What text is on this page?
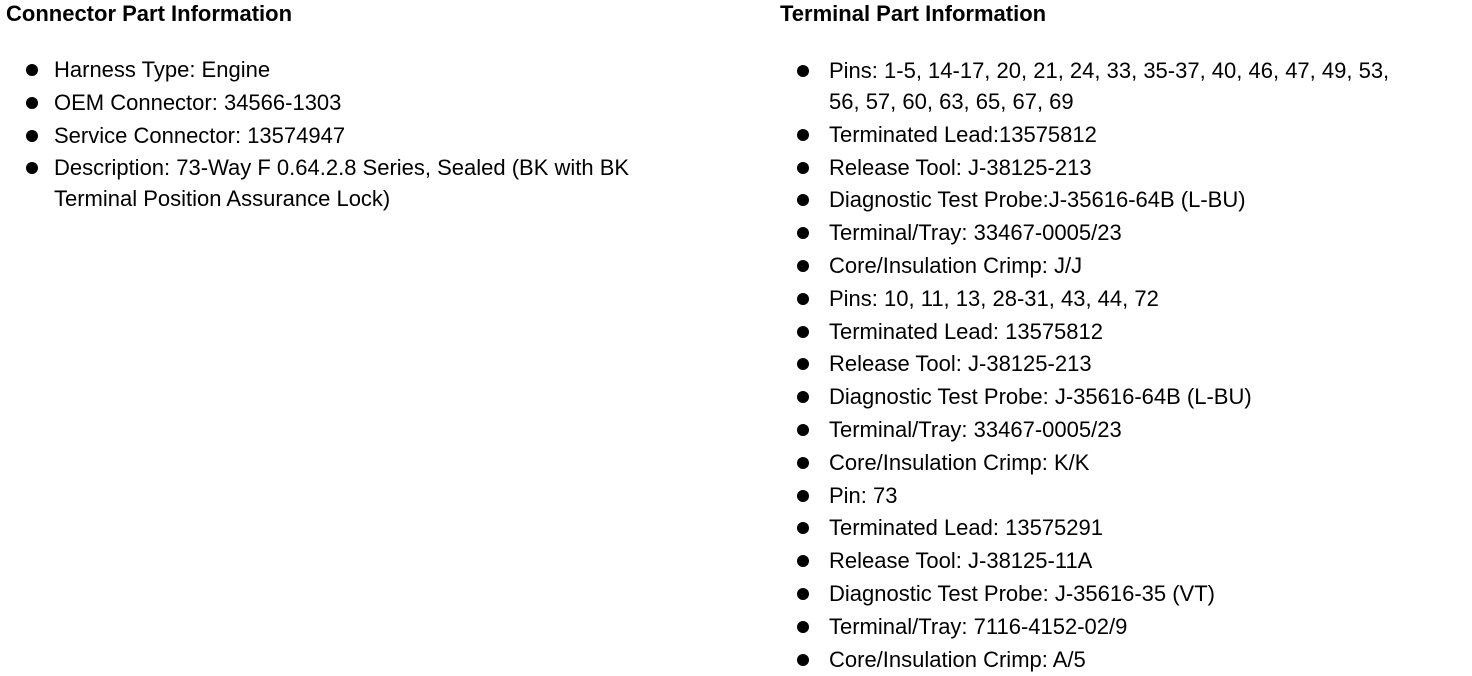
Connector Part Information
Harness Type: Engine
OEM Connector: 34566-1303
Service Connector: 13574947
Description: 73-Way F 0.64.2.8 Series, Sealed (BK with BK
Terminal Position Assurance Lock)
Terminal Part Information
Pins: 1-5, 14-17, 20, 21, 24, 33, 35-37, 40, 46, 47, 49, 53,
56, 57, 60, 63, 65, 67, 69
Terminated Lead:13575812
Release Tool: J-38125-213
Diagnostic Test Probe:J-35616-64B (L-BU)
Terminal/Tray: 33467-0005/23
Core/Insulation Crimp: J/J
Pins: 10, 11, 13, 28-31, 43, 44, 72
Terminated Lead: 13575812
Release Tool: J-38125-213
Diagnostic Test Probe: J-35616-64B (L-BU)
Terminal/Tray: 33467-0005/23
Core/Insulation Crimp: K/K
Pin: 73
Terminated Lead: 13575291
Release Tool: J-38125-11A
Diagnostic Test Probe: J-35616-35 (VT)
Terminal/Tray: 7116-4152-02/9
Core/Insulation Crimp: A/5
